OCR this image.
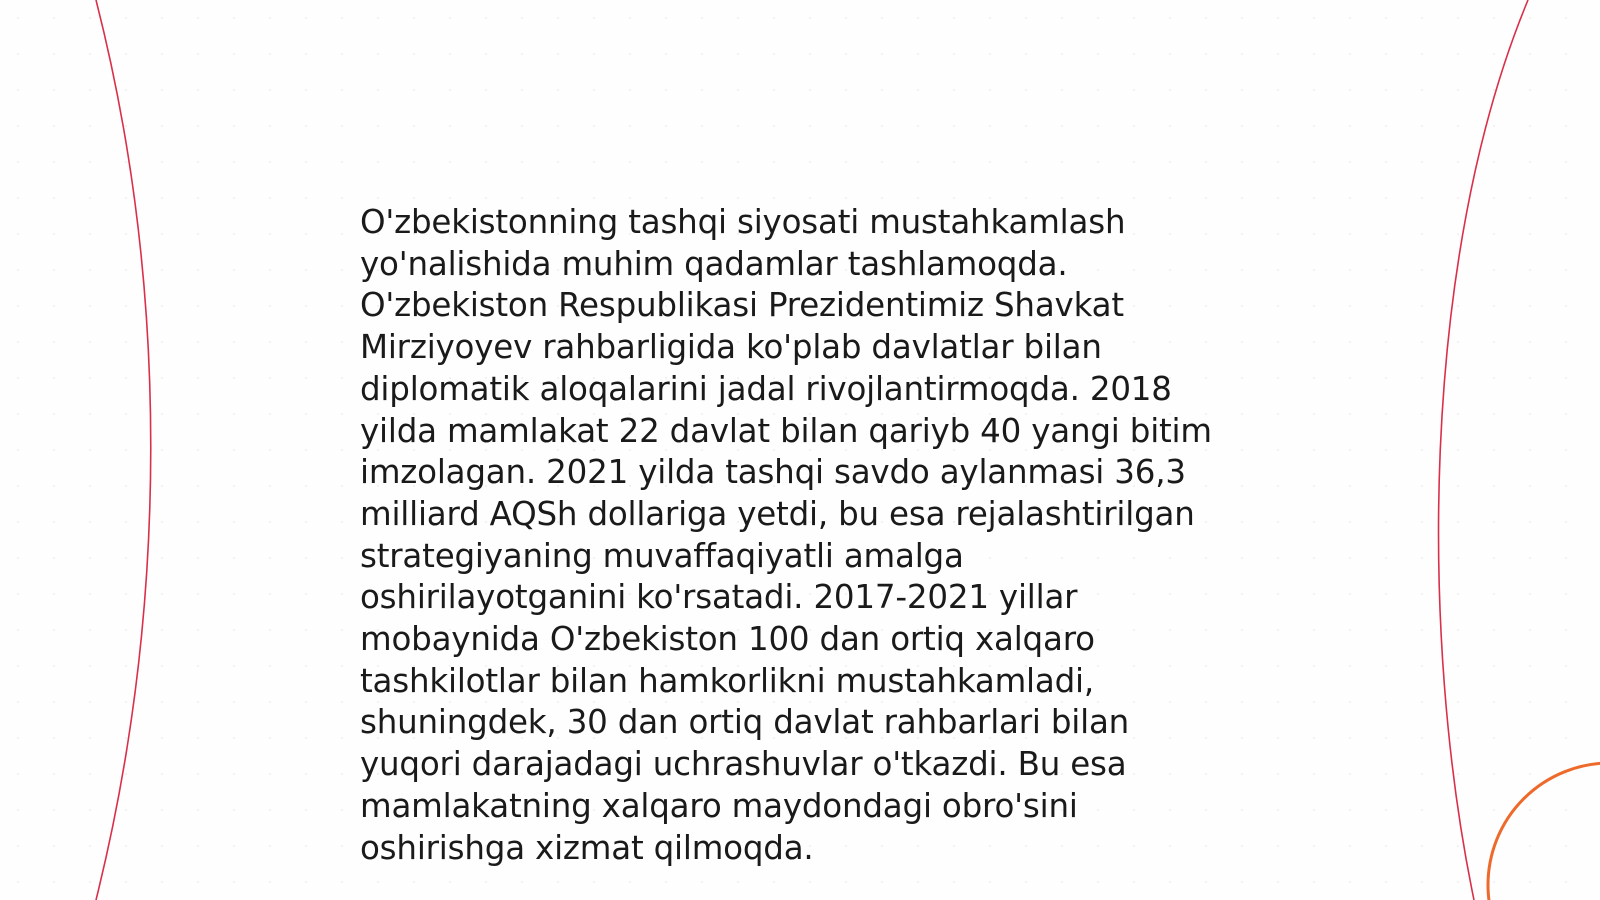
O'zbekistonning tashqi siyosati mustahkamlash
yo'nalishida muhim qadamlar tashlamoqda.
O'zbekiston Respublikasi Prezidentimiz Shavkat
Mirziyoyev rahbarligida ko'plab davlatlar bilan
diplomatik aloqalarini jadal rivojlantirmoqda. 2018
yilda mamlakat 22 davlat bilan qariyb 40 yangi bitim
imzolagan. 2021 yilda tashqi savdo aylanmasi 36,3
milliard AQSh dollariga yetdi, bu esa rejalashtirilgan
strategiyaning muvaffaqiyatli amalga
oshirilayotganini ko'rsatadi. 2017-2021 yillar
mobaynida O'zbekiston 100 dan ortiq xalqaro
tashkilotlar bilan hamkorlikni mustahkamladi,
shuningdek, 30 dan ortiq davlat rahbarlari bilan
yuqori darajadagi uchrashuvlar o'tkazdi. Bu esa
mamlakatning xalqaro maydondagi obro'sini
oshirishga xizmat qilmoqda.
